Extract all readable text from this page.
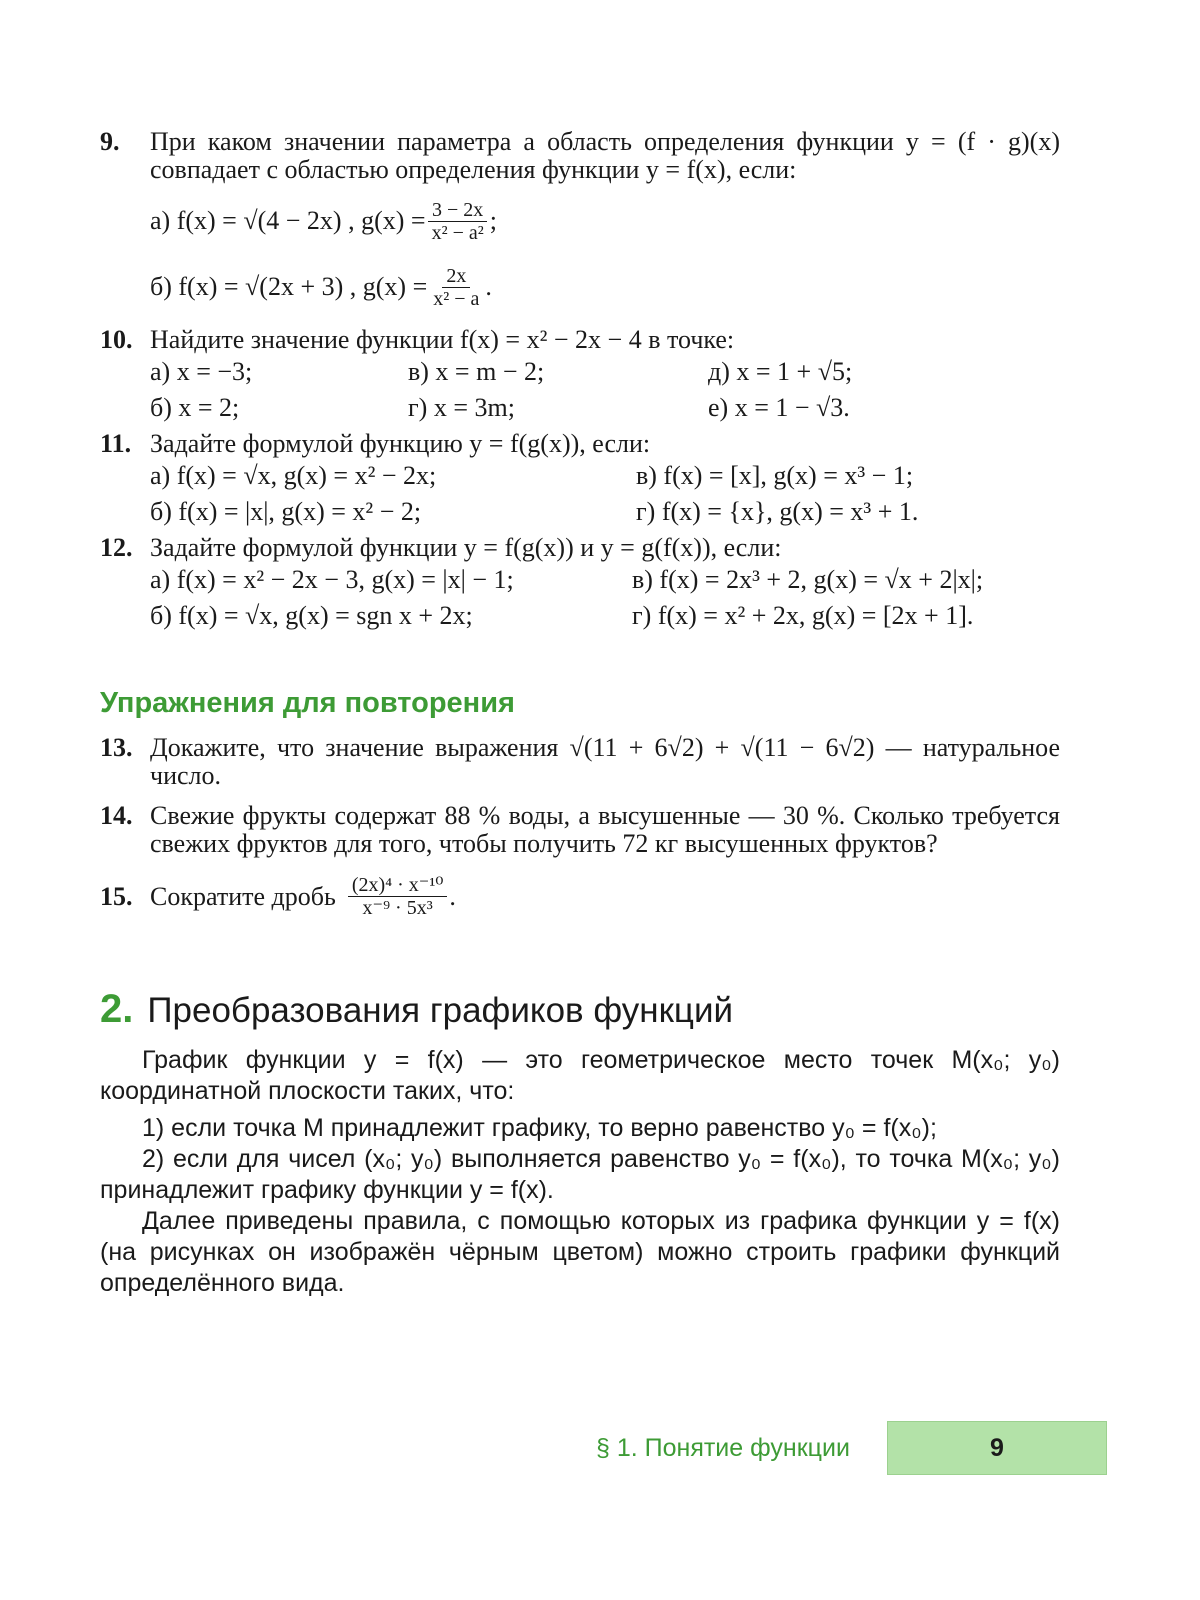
9.	При каком значении параметра a область определения функции y = (f · g)(x) совпадает с областью определения функции y = f(x), если:
а) f(x) = √(4 − 2x) , $g(x) = \frac{3 - 2x}{\text{x² − a²}}$ ;
б) f(x) = √(2x + 3) , $g(x) = \frac{2x}{\text{x² − a}}$ .
10. Найдите значение функции f(x) = x² − 2x − 4 в точке:
а) x = −3;	в) x = m − 2;	д) x = 1 + √5;
б) x = 2;	г) x = 3m;	е) x = 1 − √3.
11. Задайте формулой функцию y = f(g(x)), если:
а) f(x) = √x, g(x) = x² − 2x;	в) f(x) = [x], g(x) = x³ − 1;
б) f(x) = |x|, g(x) = x² − 2;	г) f(x) = {x}, g(x) = x³ + 1.
12. Задайте формулой функции y = f(g(x)) и y = g(f(x)), если:
а) f(x) = x² − 2x − 3, g(x) = |x| − 1;	в) f(x) = 2x³ + 2, g(x) = √x + 2|x|;
б) f(x) = √x, g(x) = sgn x + 2x;	г) f(x) = x² + 2x, g(x) = [2x + 1].
Упражнения для повторения
13. Докажите, что значение выражения √(11 + 6√2) + √(11 − 6√2) — натуральное число.
14. Свежие фрукты содержат 88 % воды, а высушенные — 30 %. Сколько требуется свежих фруктов для того, чтобы получить 72 кг высушенных фруктов?
15. Сократите дробь $\frac{\text{(2x)⁴ · x⁻¹⁰}}{\text{x⁻⁹ · 5x³}}$ .
2. Преобразования графиков функций
График функции y = f(x) — это геометрическое место точек M(x₀; y₀) координатной плоскости таких, что:
1) если точка M принадлежит графику, то верно равенство y₀ = f(x₀);
2) если для чисел (x₀; y₀) выполняется равенство y₀ = f(x₀), то точка M(x₀; y₀) принадлежит графику функции y = f(x).
Далее приведены правила, с помощью которых из графика функции y = f(x) (на рисунках он изображён чёрным цветом) можно строить графики функций определённого вида.
§ 1. Понятие функции	9
